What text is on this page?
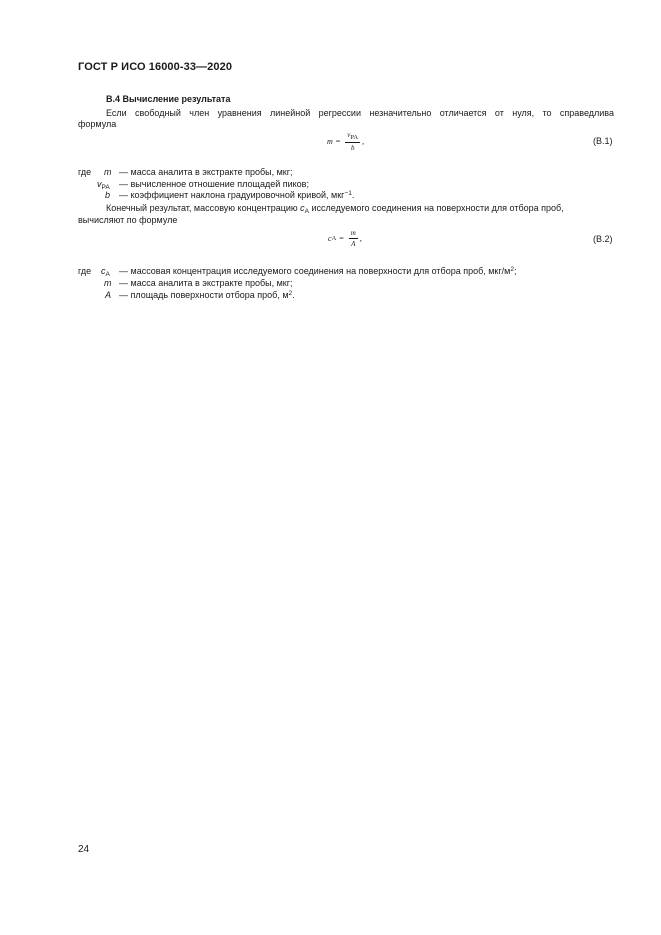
ГОСТ Р ИСО 16000-33—2020
В.4 Вычисление результата
Если свободный член уравнения линейной регрессии незначительно отличается от нуля, то справедлива
формула
$m = \frac{v_{PA}}{b}$ ,	(В.1)
где m — масса аналита в экстракте пробы, мкг;
$v_{PA}$ — вычисленное отношение площадей пиков;
b — коэффициент наклона градуировочной кривой, мкг$^{-1}$.
Конечный результат, массовую концентрацию $c_A$ исследуемого соединения на поверхности для отбора проб,
вычисляют по формуле
c $A = \frac{m}{A}$ ,	(В.2)
где $c_A$ — массовая концентрация исследуемого соединения на поверхности для отбора проб, мкг/$м^2$;
m — масса аналита в экстракте пробы, мкг;
A — площадь поверхности отбора проб, $м^2$.
24
